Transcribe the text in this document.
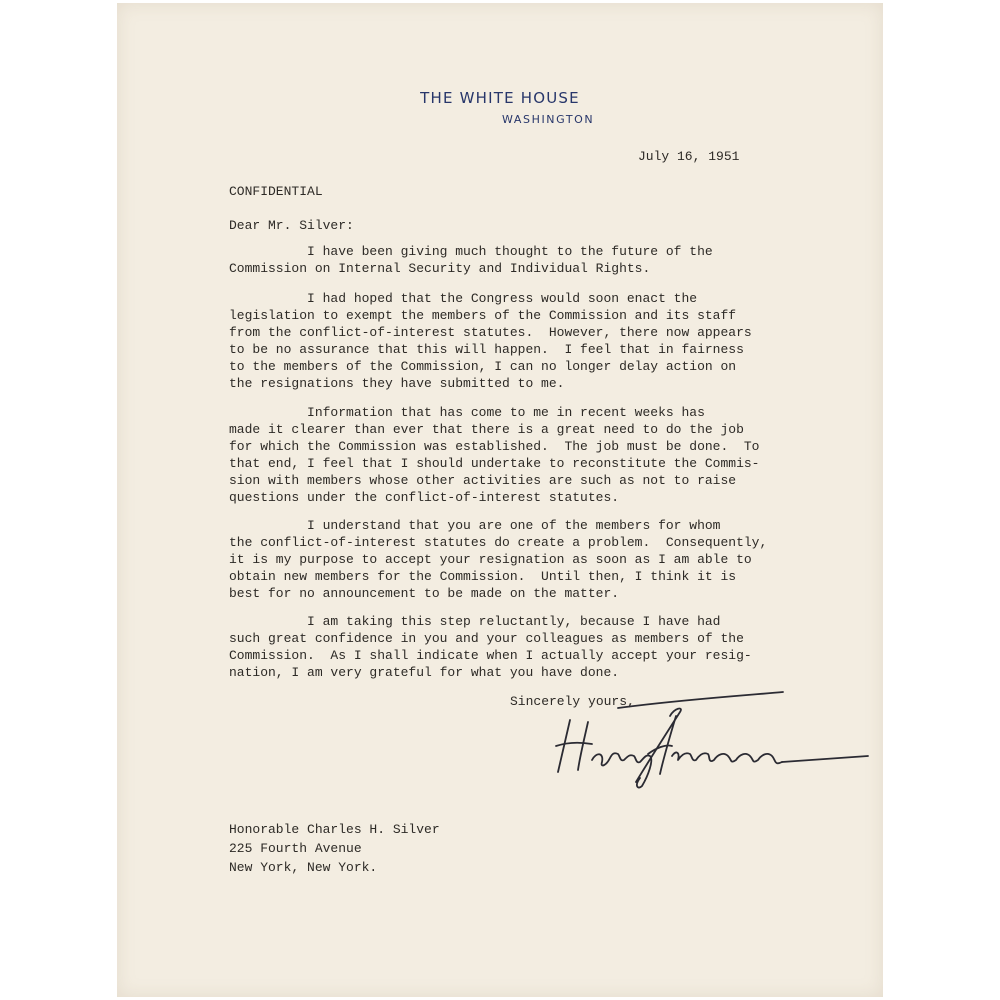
THE WHITE HOUSE
WASHINGTON
July 16, 1951
CONFIDENTIAL
Dear Mr. Silver:
I have been giving much thought to the future of the
Commission on Internal Security and Individual Rights.
I had hoped that the Congress would soon enact the
legislation to exempt the members of the Commission and its staff
from the conflict-of-interest statutes.  However, there now appears
to be no assurance that this will happen.  I feel that in fairness
to the members of the Commission, I can no longer delay action on
the resignations they have submitted to me.
Information that has come to me in recent weeks has
made it clearer than ever that there is a great need to do the job
for which the Commission was established.  The job must be done.  To
that end, I feel that I should undertake to reconstitute the Commis-
sion with members whose other activities are such as not to raise
questions under the conflict-of-interest statutes.
I understand that you are one of the members for whom
the conflict-of-interest statutes do create a problem.  Consequently,
it is my purpose to accept your resignation as soon as I am able to
obtain new members for the Commission.  Until then, I think it is
best for no announcement to be made on the matter.
I am taking this step reluctantly, because I have had
such great confidence in you and your colleagues as members of the
Commission.  As I shall indicate when I actually accept your resig-
nation, I am very grateful for what you have done.
Sincerely yours,
Honorable Charles H. Silver
225 Fourth Avenue
New York, New York.
